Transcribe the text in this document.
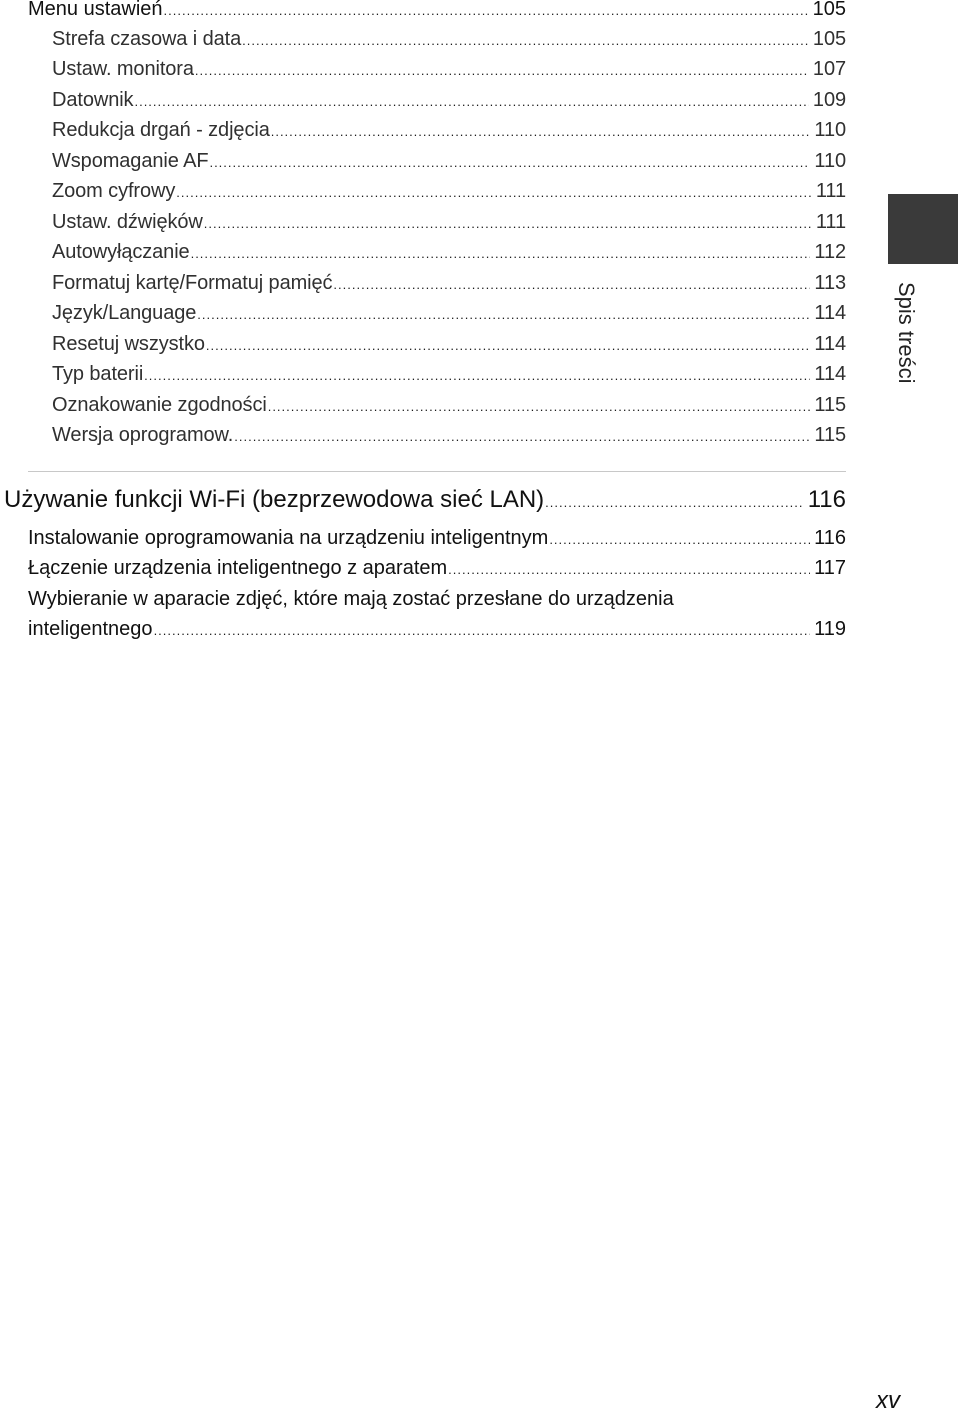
Menu ustawień .....	105
Strefa czasowa i data .....	105
Ustaw. monitora .....	107
Datownik .....	109
Redukcja drgań - zdjęcia .....	110
Wspomaganie AF .....	110
Zoom cyfrowy .....	111
Ustaw. dźwięków .....	111
Autowyłączanie .....	112
Formatuj kartę/Formatuj pamięć .....	113
Język/Language .....	114
Resetuj wszystko .....	114
Typ baterii .....	114
Oznakowanie zgodności .....	115
Wersja oprogramow. .....	115
Używanie funkcji Wi-Fi (bezprzewodowa sieć LAN) .....	116
Instalowanie oprogramowania na urządzeniu inteligentnym .....	116
Łączenie urządzenia inteligentnego z aparatem .....	117
Wybieranie w aparacie zdjęć, które mają zostać przesłane do urządzenia
inteligentnego .....	119
Spis treści
xv
